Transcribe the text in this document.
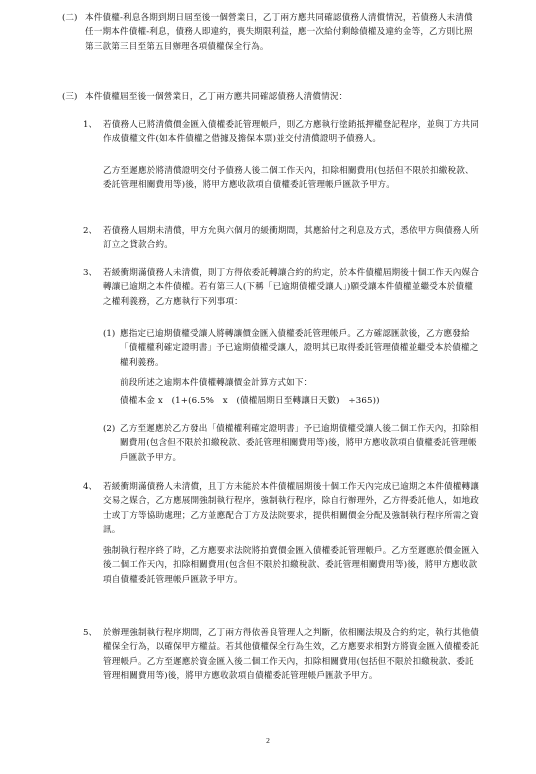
(二) 本件債權-利息各期到期日屆至後一個營業日，乙丁兩方應共同確認債務人清償情況，若債務人未清償任一期本件債權-利息，債務人即違約，喪失期限利益，應一次給付剩餘債權及違約金等，乙方則比照第三款第三目至第五目辦理各項債權保全行為。

(三) 本件債權屆至後一個營業日，乙丁兩方應共同確認債務人清償情況：

1、 若債務人已將清償價金匯入債權委託管理帳戶，則乙方應執行塗銷抵押權登記程序，並與丁方共同作成債權文件(如本件債權之借據及擔保本票)並交付清償證明予債務人。

乙方至遲應於將清償證明交付予債務人後二個工作天內，扣除相關費用(包括但不限於扣繳稅款、委託管理相關費用等)後，將甲方應收款項自債權委託管理帳戶匯款予甲方。

2、 若債務人屆期未清償，甲方允與六個月的緩衝期間，其應給付之利息及方式，悉依甲方與債務人所訂立之貸款合約。

3、 若緩衝期滿債務人未清償，則丁方得依委託轉讓合約的約定，於本件債權屆期後十個工作天內媒合轉讓已逾期之本件債權。若有第三人(下稱「已逾期債權受讓人」)願受讓本件債權並繼受本於債權之權利義務，乙方應執行下列事項：

(1) 應指定已逾期債權受讓人將轉讓價金匯入債權委託管理帳戶。乙方確認匯款後，乙方應發給「債權權利確定證明書」予已逾期債權受讓人，證明其已取得委託管理債權並繼受本於債權之權利義務。

前段所述之逾期本件債權轉讓價金計算方式如下：

債權本金 x　(1+(6.5%　x　(債權屆期日至轉讓日天數)　÷365))

(2) 乙方至遲應於乙方發出「債權權利確定證明書」予已逾期債權受讓人後二個工作天內，扣除相關費用(包含但不限於扣繳稅款、委託管理相關費用等)後，將甲方應收款項自債權委託管理帳戶匯款予甲方。

4、 若緩衝期滿債務人未清償，且丁方未能於本件債權屆期後十個工作天內完成已逾期之本件債權轉讓交易之媒合，乙方應展開強制執行程序，強制執行程序，除自行辦理外，乙方得委託他人，如地政士或丁方等協助處理；乙方並應配合丁方及法院要求，提供相關價金分配及強制執行程序所需之資訊。

強制執行程序終了時，乙方應要求法院將拍賣價金匯入債權委託管理帳戶。乙方至遲應於價金匯入後二個工作天內，扣除相關費用(包含但不限於扣繳稅款、委託管理相關費用等)後，將甲方應收款項自債權委託管理帳戶匯款予甲方。

5、 於辦理強制執行程序期間，乙丁兩方得依善良管理人之判斷，依相關法規及合約約定，執行其他債權保全行為，以確保甲方權益。若其他債權保全行為生效，乙方應要求相對方將資金匯入債權委託管理帳戶。乙方至遲應於資金匯入後二個工作天內，扣除相關費用(包括但不限於扣繳稅款、委託管理相關費用等)後，將甲方應收款項自債權委託管理帳戶匯款予甲方。

2
